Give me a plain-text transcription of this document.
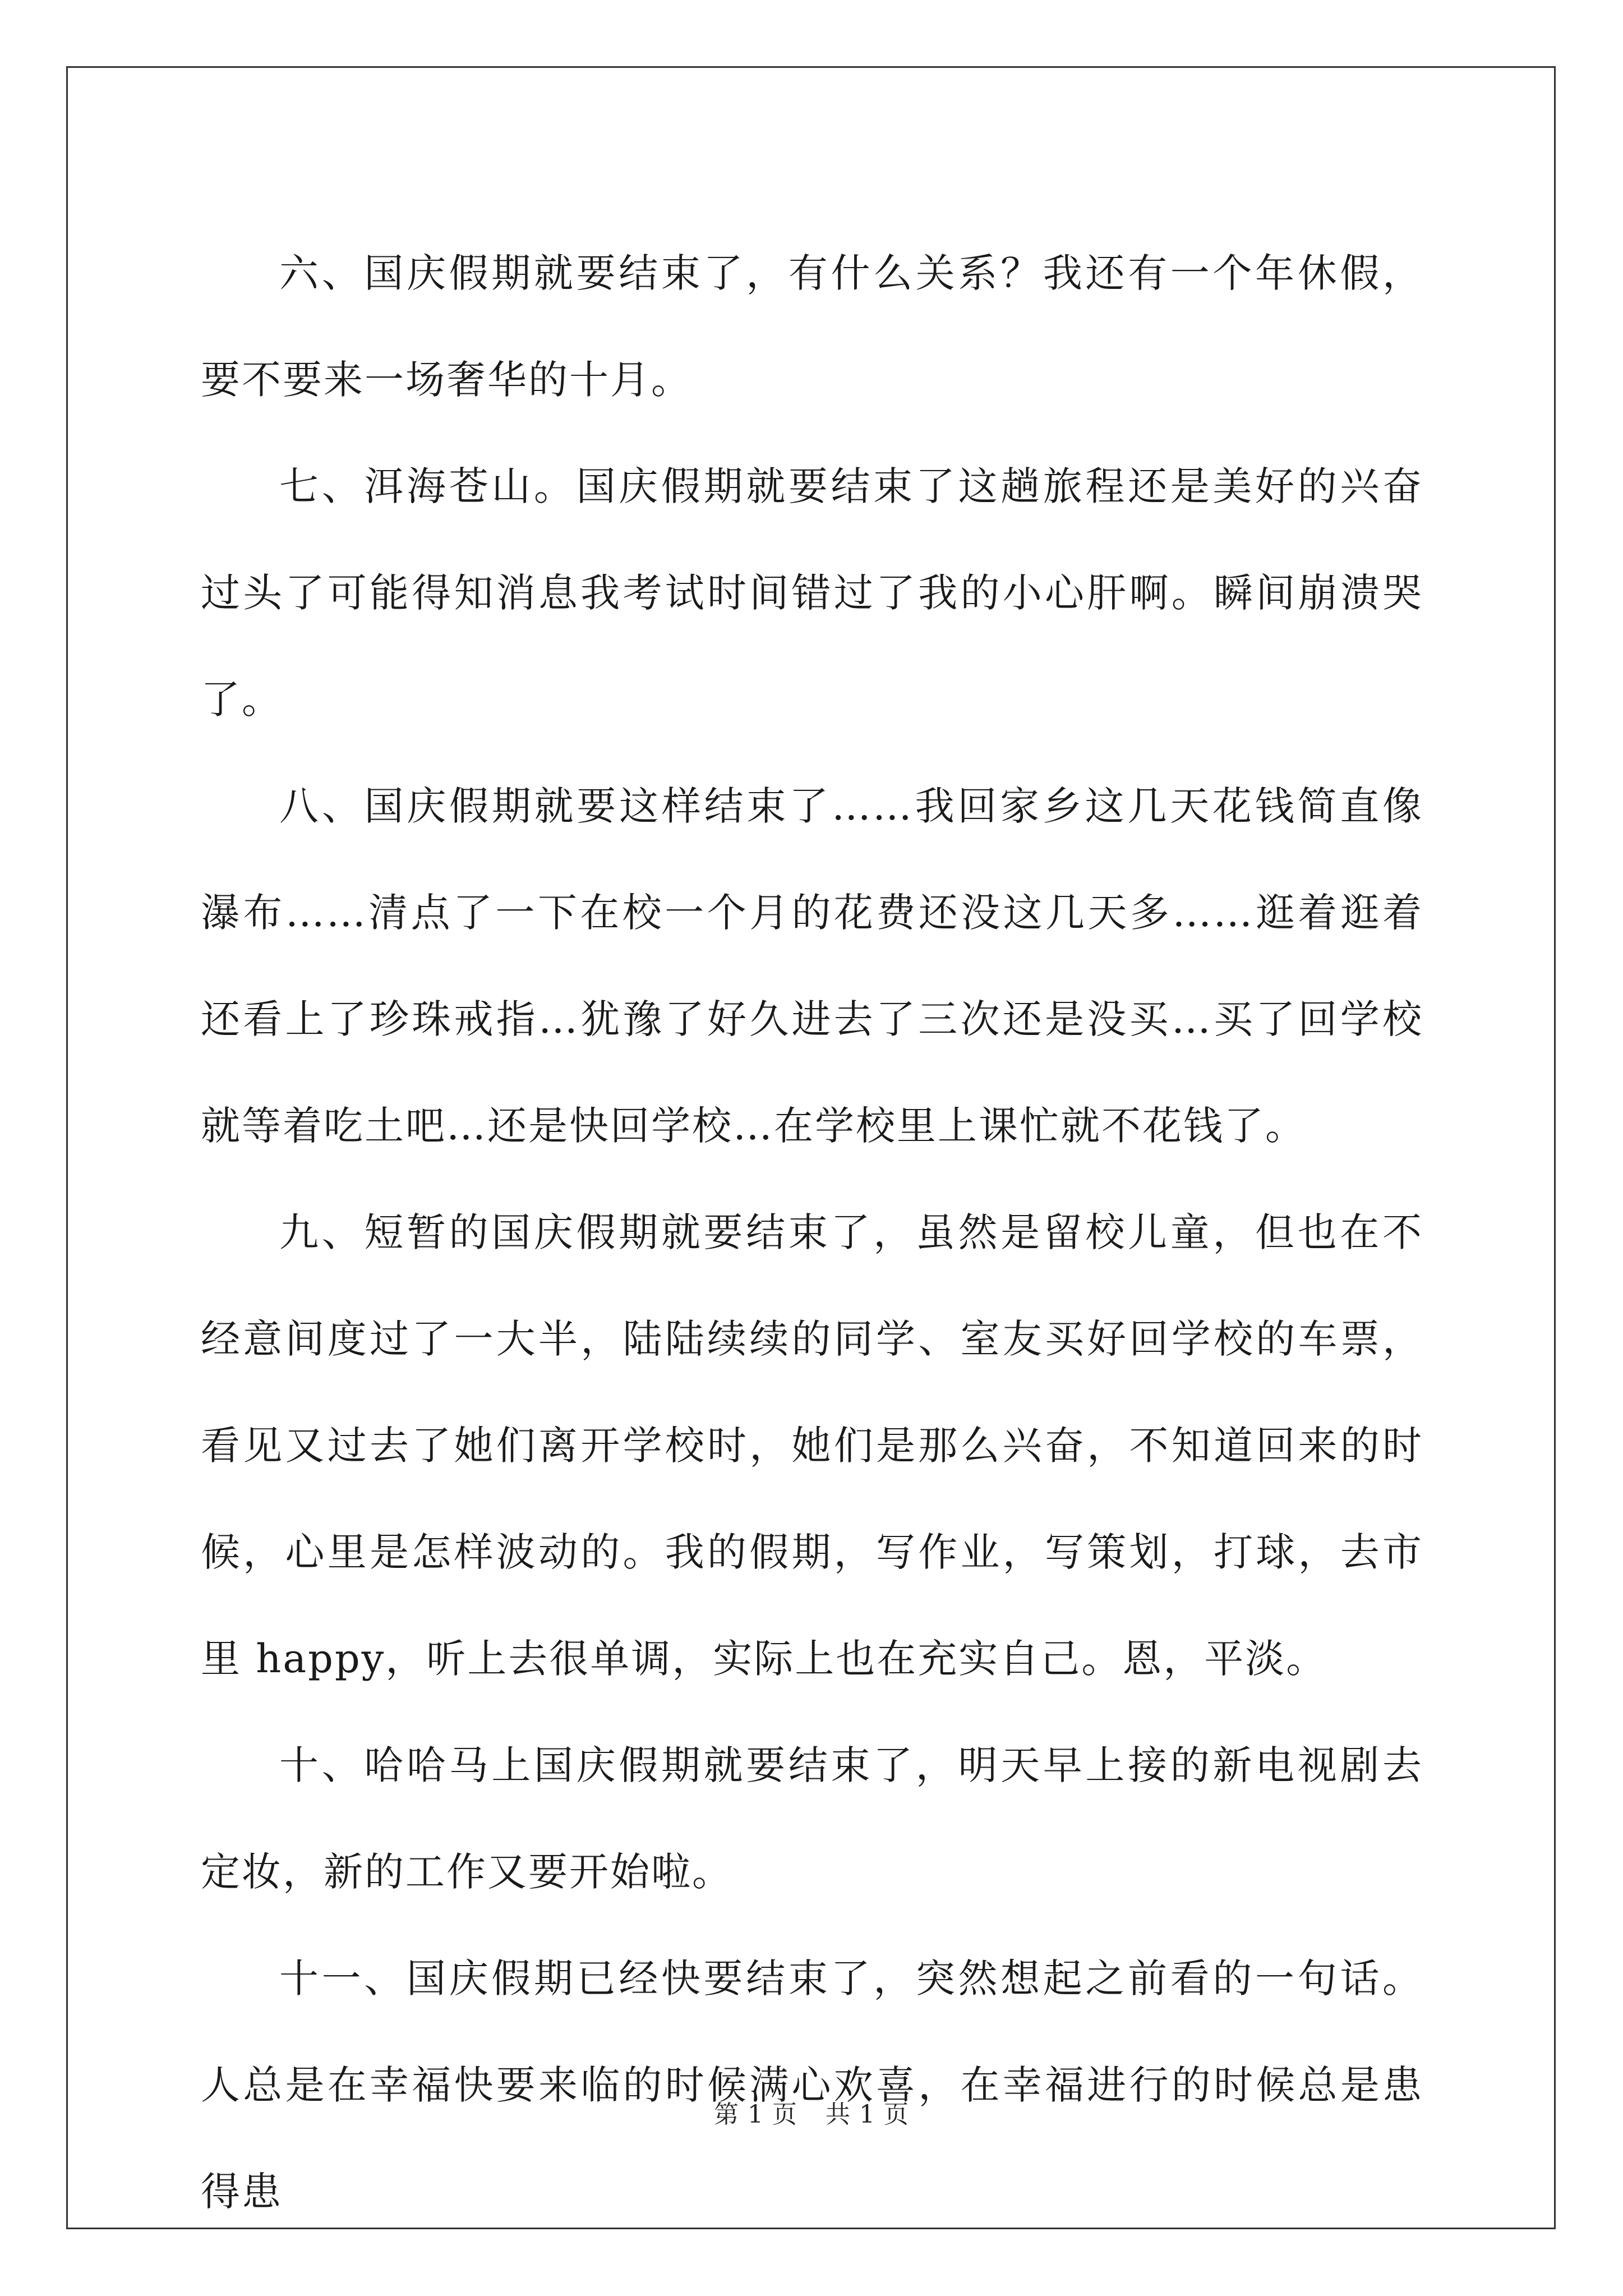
六、国庆假期就要结束了，有什么关系？我还有一个年休假，要不要来一场奢华的十月。

七、洱海苍山。国庆假期就要结束了这趟旅程还是美好的兴奋过头了可能得知消息我考试时间错过了我的小心肝啊。瞬间崩溃哭了。

八、国庆假期就要这样结束了……我回家乡这几天花钱简直像瀑布……清点了一下在校一个月的花费还没这几天多……逛着逛着还看上了珍珠戒指…犹豫了好久进去了三次还是没买…买了回学校就等着吃土吧…还是快回学校…在学校里上课忙就不花钱了。

九、短暂的国庆假期就要结束了，虽然是留校儿童，但也在不经意间度过了一大半，陆陆续续的同学、室友买好回学校的车票，看见又过去了她们离开学校时，她们是那么兴奋，不知道回来的时候，心里是怎样波动的。我的假期，写作业，写策划，打球，去市里 happy，听上去很单调，实际上也在充实自己。恩，平淡。

十、哈哈马上国庆假期就要结束了，明天早上接的新电视剧去定妆，新的工作又要开始啦。

十一、国庆假期已经快要结束了，突然想起之前看的一句话。人总是在幸福快要来临的时候满心欢喜，在幸福进行的时候总是患得患

第 1 页 共 1 页
